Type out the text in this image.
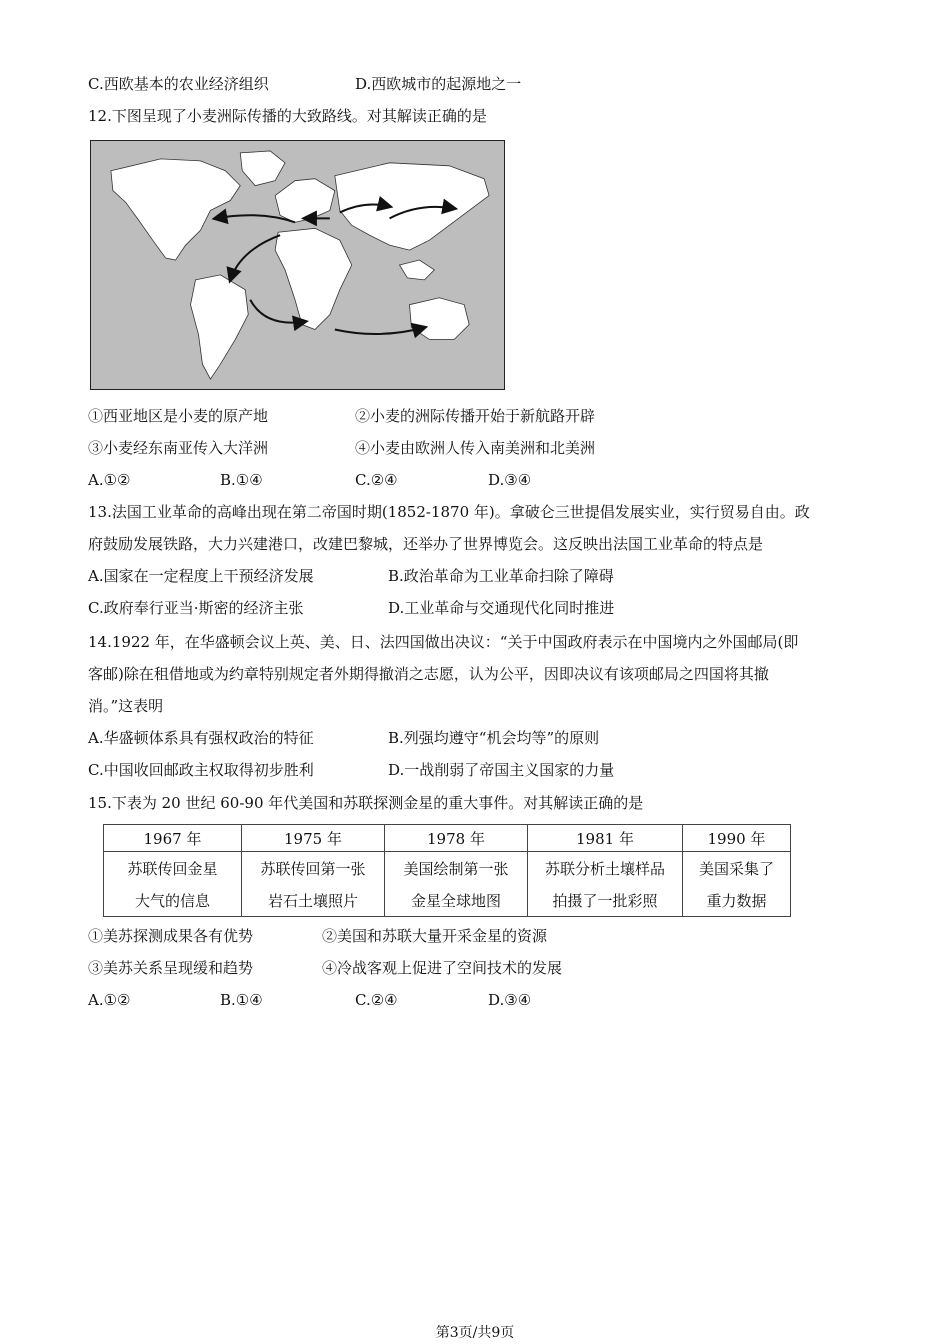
C.西欧基本的农业经济组织	D.西欧城市的起源地之一
12.下图呈现了小麦洲际传播的大致路线。对其解读正确的是
①西亚地区是小麦的原产地	②小麦的洲际传播开始于新航路开辟
③小麦经东南亚传入大洋洲	④小麦由欧洲人传入南美洲和北美洲
A.①②	B.①④	C.②④	D.③④
13.法国工业革命的高峰出现在第二帝国时期(1852-1870 年)。拿破仑三世提倡发展实业，实行贸易自由。政
府鼓励发展铁路，大力兴建港口，改建巴黎城，还举办了世界博览会。这反映出法国工业革命的特点是
A.国家在一定程度上干预经济发展	B.政治革命为工业革命扫除了障碍
C.政府奉行亚当·斯密的经济主张	D.工业革命与交通现代化同时推进
14.1922 年，在华盛顿会议上英、美、日、法四国做出决议：“关于中国政府表示在中国境内之外国邮局(即
客邮)除在租借地或为约章特别规定者外期得撤消之志愿，认为公平，因即决议有该项邮局之四国将其撤
消。”这表明
A.华盛顿体系具有强权政治的特征	B.列强均遵守“机会均等”的原则
C.中国收回邮政主权取得初步胜利	D.一战削弱了帝国主义国家的力量
15.下表为 20 世纪 60-90 年代美国和苏联探测金星的重大事件。对其解读正确的是
1967 年	1975 年	1978 年	1981 年	1990 年
苏联传回金星	苏联传回第一张	美国绘制第一张	苏联分析土壤样品	美国采集了
大气的信息	岩石土壤照片	金星全球地图	拍摄了一批彩照	重力数据
①美苏探测成果各有优势	②美国和苏联大量开采金星的资源
③美苏关系呈现缓和趋势	④冷战客观上促进了空间技术的发展
A.①②	B.①④	C.②④	D.③④
第3页/共9页
